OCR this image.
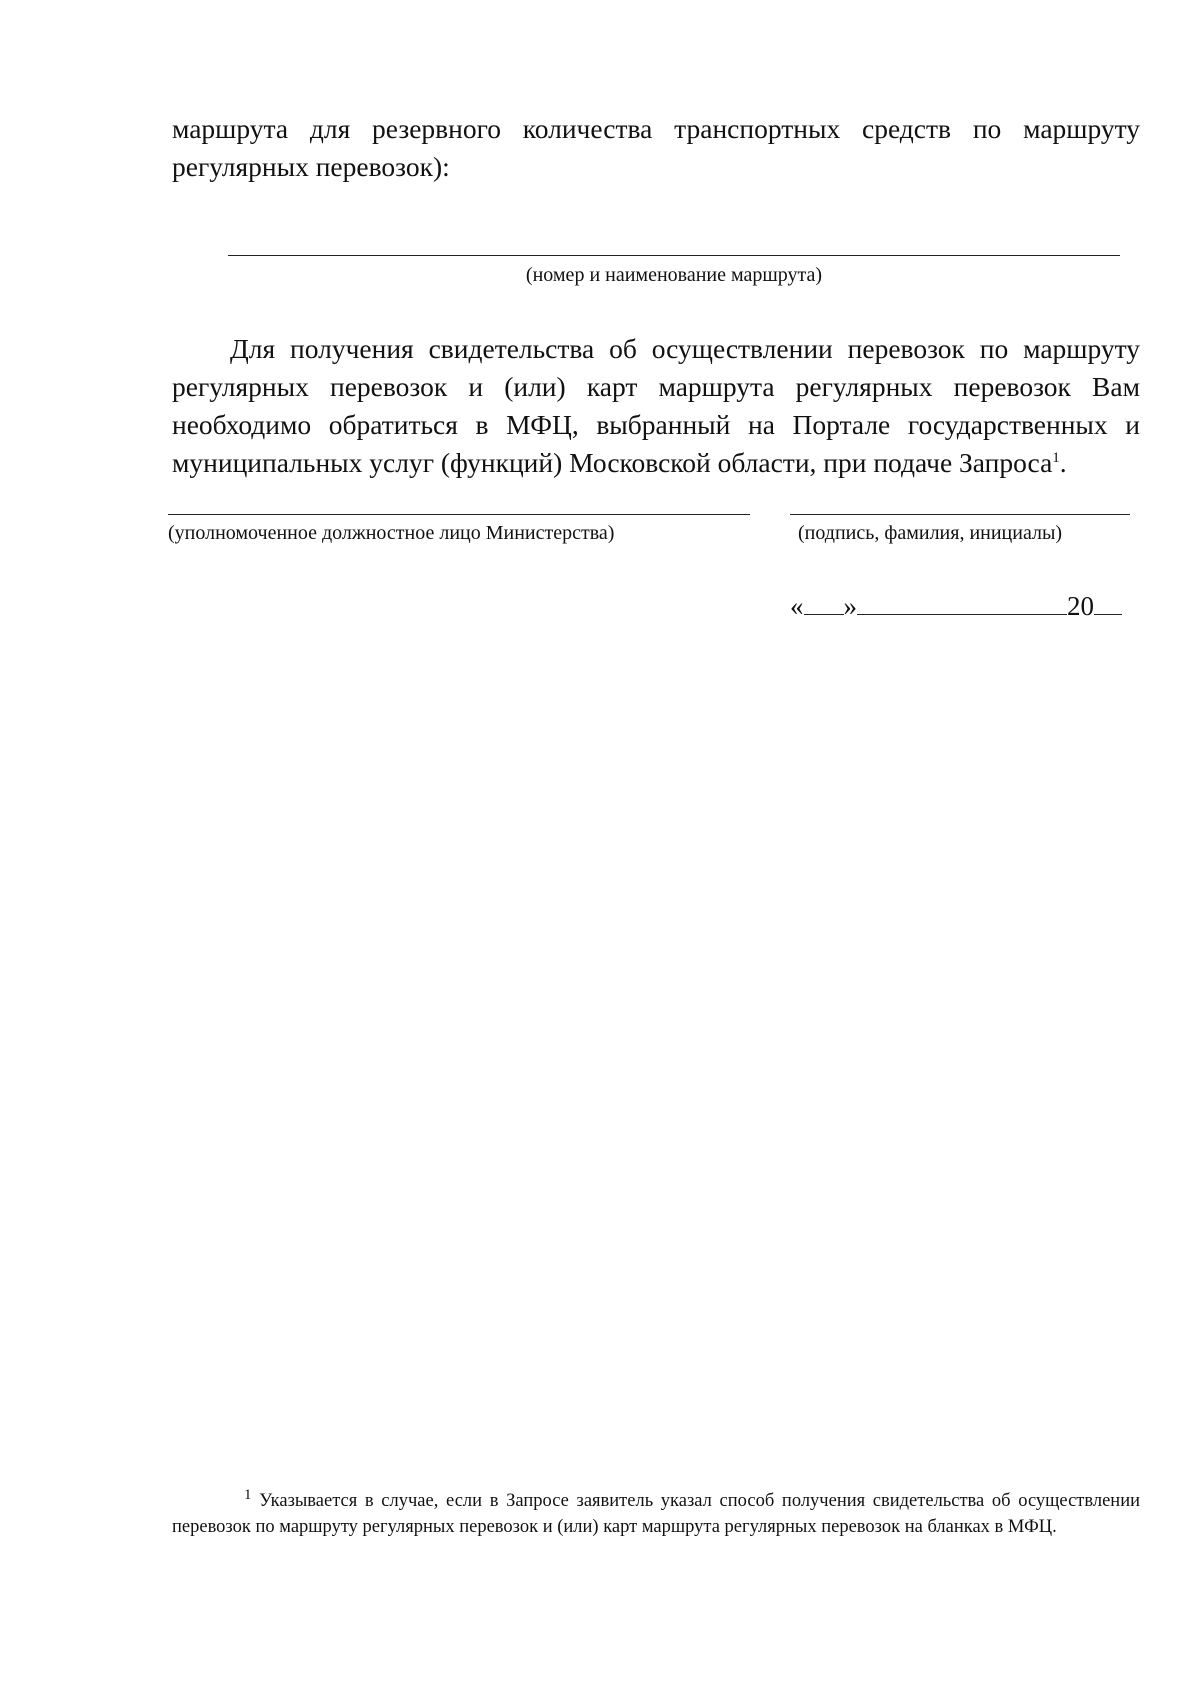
маршрута для резервного количества транспортных средств по маршруту регулярных перевозок):

(номер и наименование маршрута)

Для получения свидетельства об осуществлении перевозок по маршруту регулярных перевозок и (или) карт маршрута регулярных перевозок Вам необходимо обратиться в МФЦ, выбранный на Портале государственных и муниципальных услуг (функций) Московской области, при подаче Запроса$^1$.

(уполномоченное должностное лицо Министерства)	(подпись, фамилия, инициалы)
« »	20

$^1$ Указывается в случае, если в Запросе заявитель указал способ получения свидетельства об осуществлении перевозок по маршруту регулярных перевозок и (или) карт маршрута регулярных перевозок на бланках в МФЦ.
